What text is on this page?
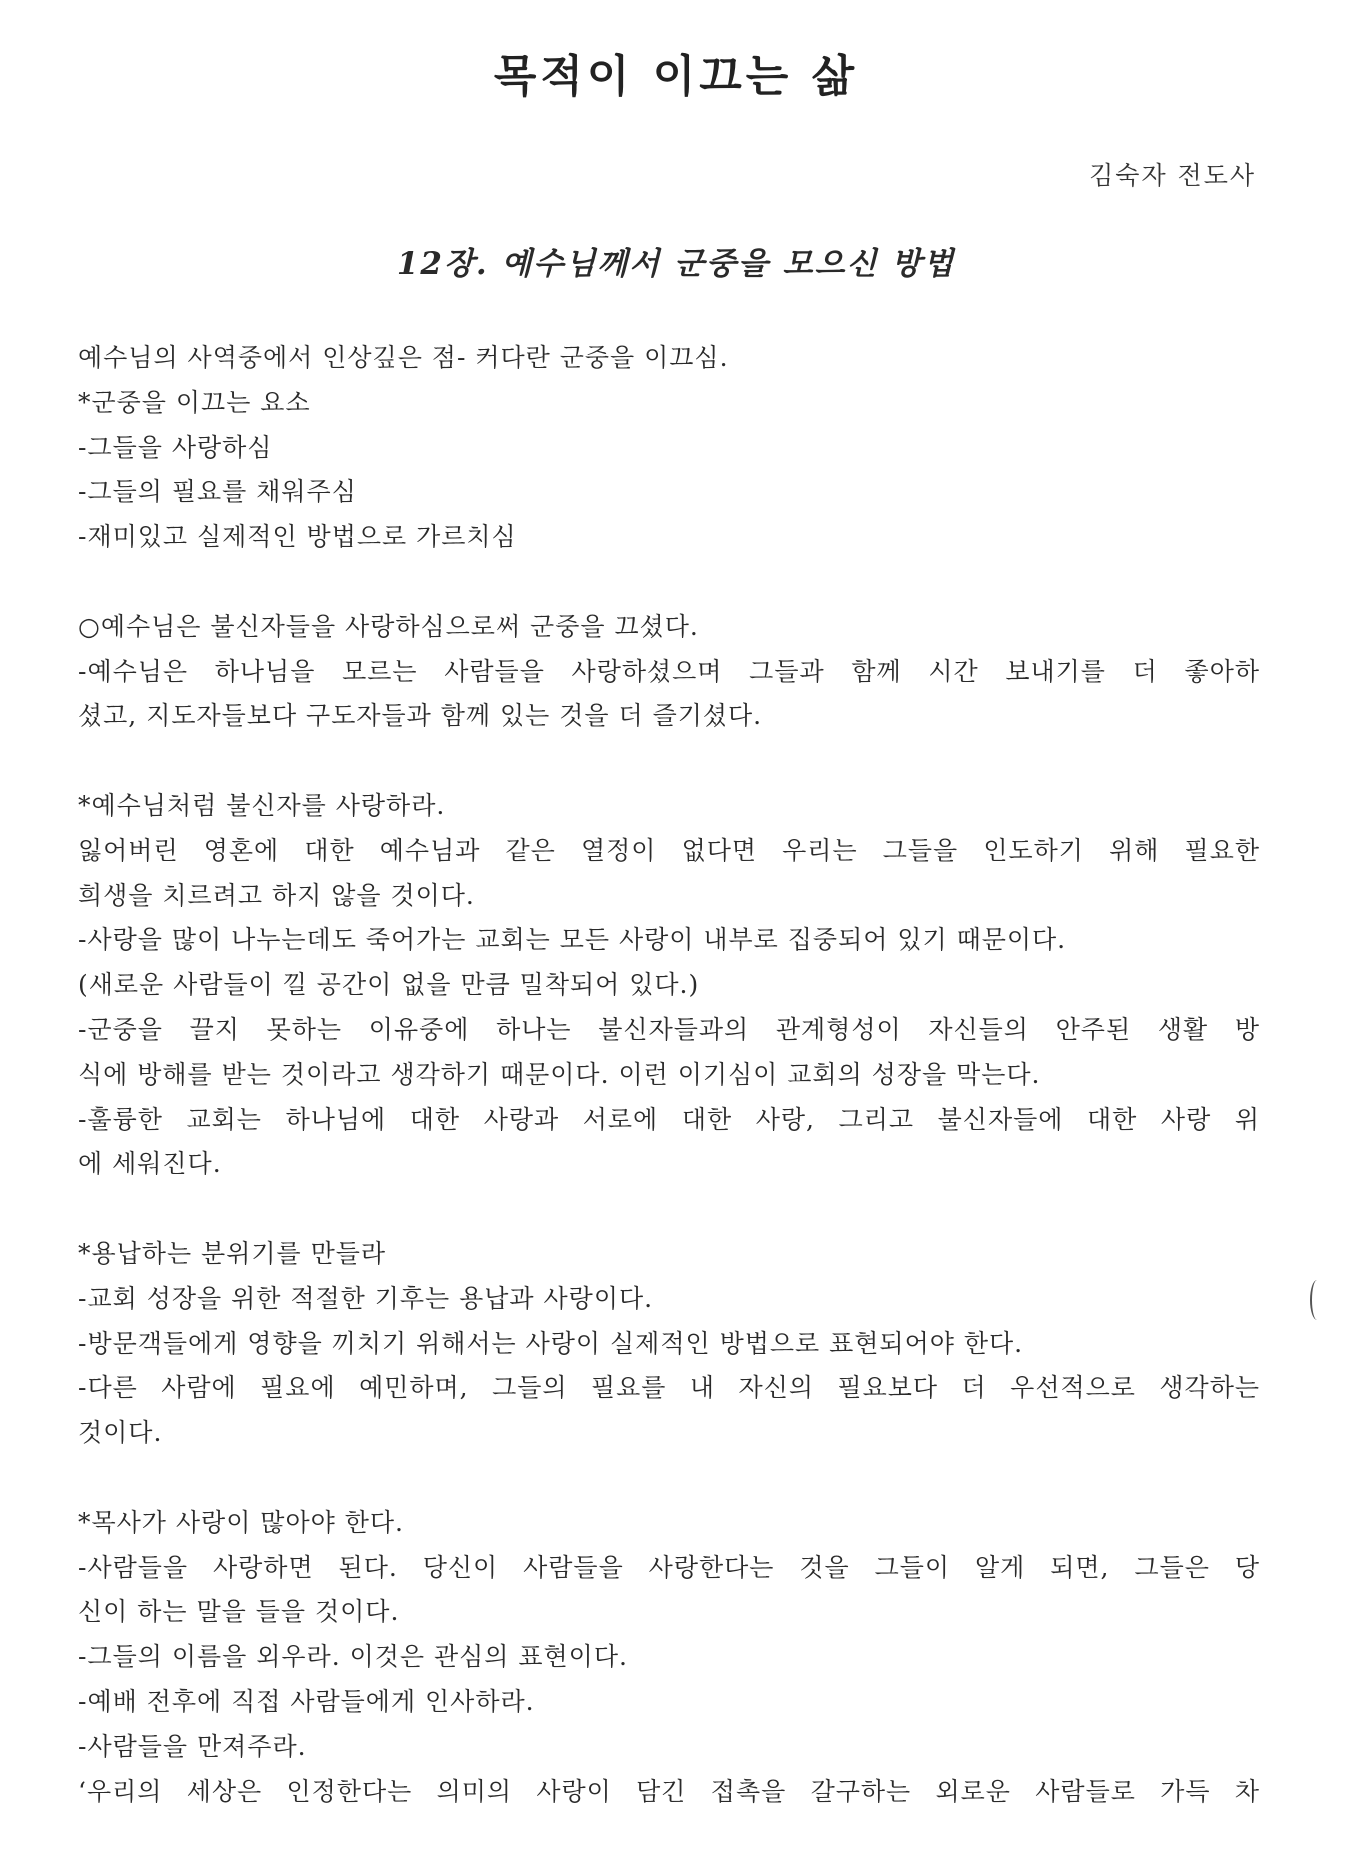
목적이 이끄는 삶
김숙자 전도사
12장. 예수님께서 군중을 모으신 방법
예수님의 사역중에서 인상깊은 점- 커다란 군중을 이끄심.
*군중을 이끄는 요소
-그들을 사랑하심
-그들의 필요를 채워주심
-재미있고 실제적인 방법으로 가르치심
○예수님은 불신자들을 사랑하심으로써 군중을 끄셨다.
-예수님은 하나님을 모르는 사람들을 사랑하셨으며 그들과 함께 시간 보내기를 더 좋아하
셨고, 지도자들보다 구도자들과 함께 있는 것을 더 즐기셨다.
*예수님처럼 불신자를 사랑하라.
잃어버린 영혼에 대한 예수님과 같은 열정이 없다면 우리는 그들을 인도하기 위해 필요한
희생을 치르려고 하지 않을 것이다.
-사랑을 많이 나누는데도 죽어가는 교회는 모든 사랑이 내부로 집중되어 있기 때문이다.
(새로운 사람들이 낄 공간이 없을 만큼 밀착되어 있다.)
-군중을 끌지 못하는 이유중에 하나는 불신자들과의 관계형성이 자신들의 안주된 생활 방
식에 방해를 받는 것이라고 생각하기 때문이다. 이런 이기심이 교회의 성장을 막는다.
-훌륭한 교회는 하나님에 대한 사랑과 서로에 대한 사랑, 그리고 불신자들에 대한 사랑 위
에 세워진다.
*용납하는 분위기를 만들라
-교회 성장을 위한 적절한 기후는 용납과 사랑이다.
-방문객들에게 영향을 끼치기 위해서는 사랑이 실제적인 방법으로 표현되어야 한다.
-다른 사람에 필요에 예민하며, 그들의 필요를 내 자신의 필요보다 더 우선적으로 생각하는
것이다.
*목사가 사랑이 많아야 한다.
-사람들을 사랑하면 된다. 당신이 사람들을 사랑한다는 것을 그들이 알게 되면, 그들은 당
신이 하는 말을 들을 것이다.
-그들의 이름을 외우라. 이것은 관심의 표현이다.
-예배 전후에 직접 사람들에게 인사하라.
-사람들을 만져주라.
‘우리의 세상은 인정한다는 의미의 사랑이 담긴 접촉을 갈구하는 외로운 사람들로 가득 차
